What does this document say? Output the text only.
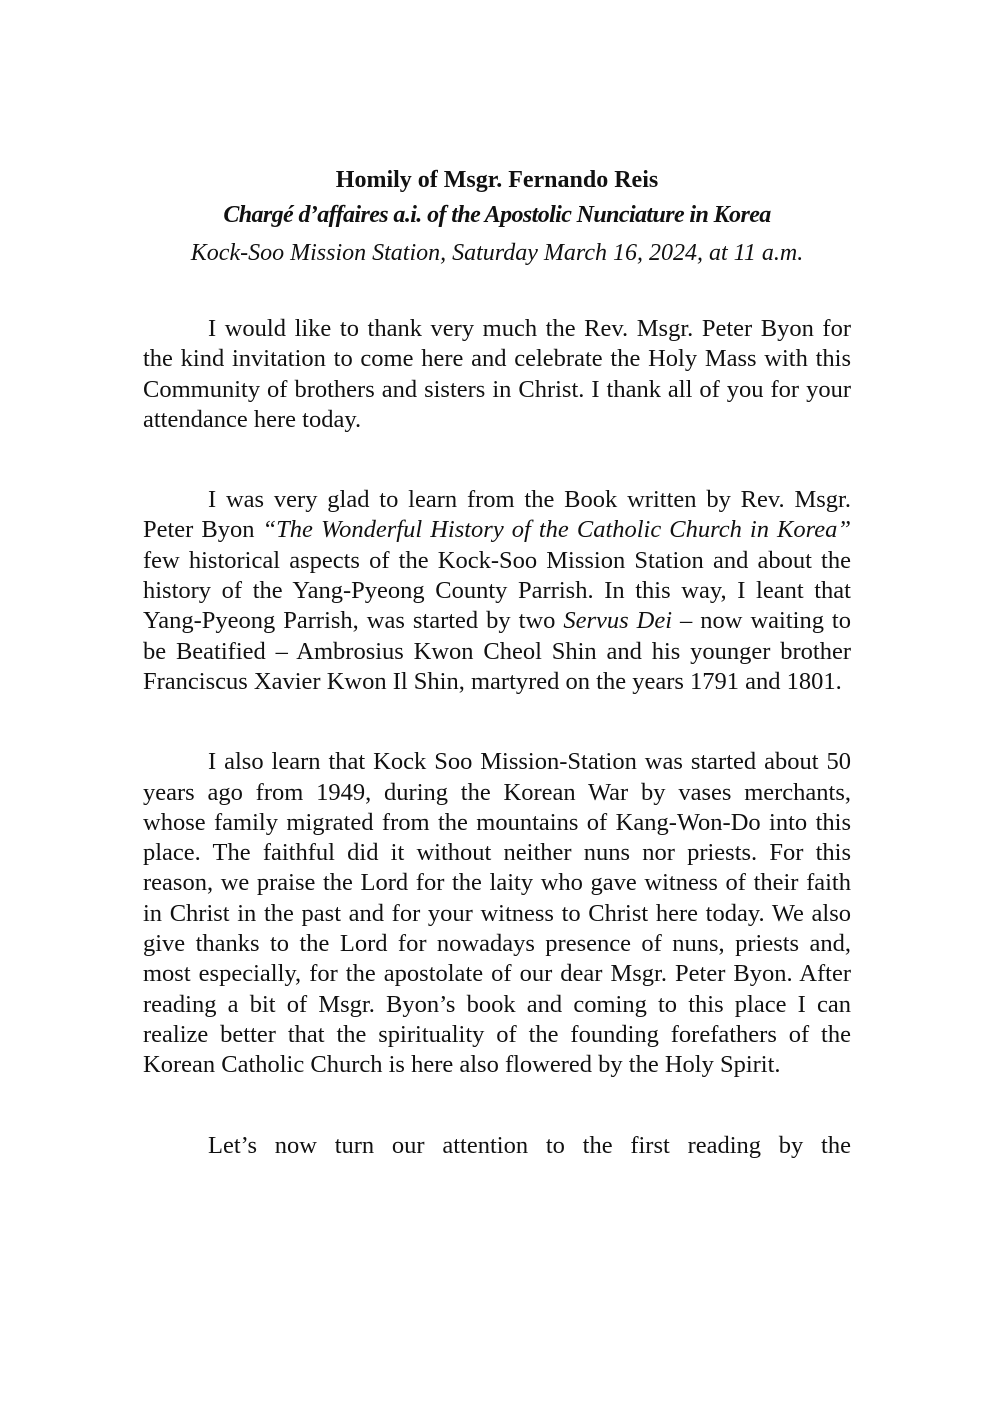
Homily of Msgr. Fernando Reis

Chargé d’affaires a.i. of the Apostolic Nunciature in Korea

Kock-Soo Mission Station, Saturday March 16, 2024, at 11 a.m.

I would like to thank very much the Rev. Msgr. Peter Byon for the kind invitation to come here and celebrate the Holy Mass with this Community of brothers and sisters in Christ. I thank all of you for your attendance here today.

I was very glad to learn from the Book written by Rev. Msgr. Peter Byon “The Wonderful History of the Catholic Church in Korea” few historical aspects of the Kock-Soo Mission Station and about the history of the Yang-Pyeong County Parrish. In this way, I leant that Yang-Pyeong Parrish, was started by two Servus Dei – now waiting to be Beatified – Ambrosius Kwon Cheol Shin and his younger brother Franciscus Xavier Kwon Il Shin, martyred on the years 1791 and 1801.

I also learn that Kock Soo Mission-Station was started about 50 years ago from 1949, during the Korean War by vases merchants, whose family migrated from the mountains of Kang-Won-Do into this place. The faithful did it without neither nuns nor priests. For this reason, we praise the Lord for the laity who gave witness of their faith in Christ in the past and for your witness to Christ here today. We also give thanks to the Lord for nowadays presence of nuns, priests and, most especially, for the apostolate of our dear Msgr. Peter Byon. After reading a bit of Msgr. Byon’s book and coming to this place I can realize better that the spirituality of the founding forefathers of the Korean Catholic Church is here also flowered by the Holy Spirit.

Let’s now turn our attention to the first reading by the
